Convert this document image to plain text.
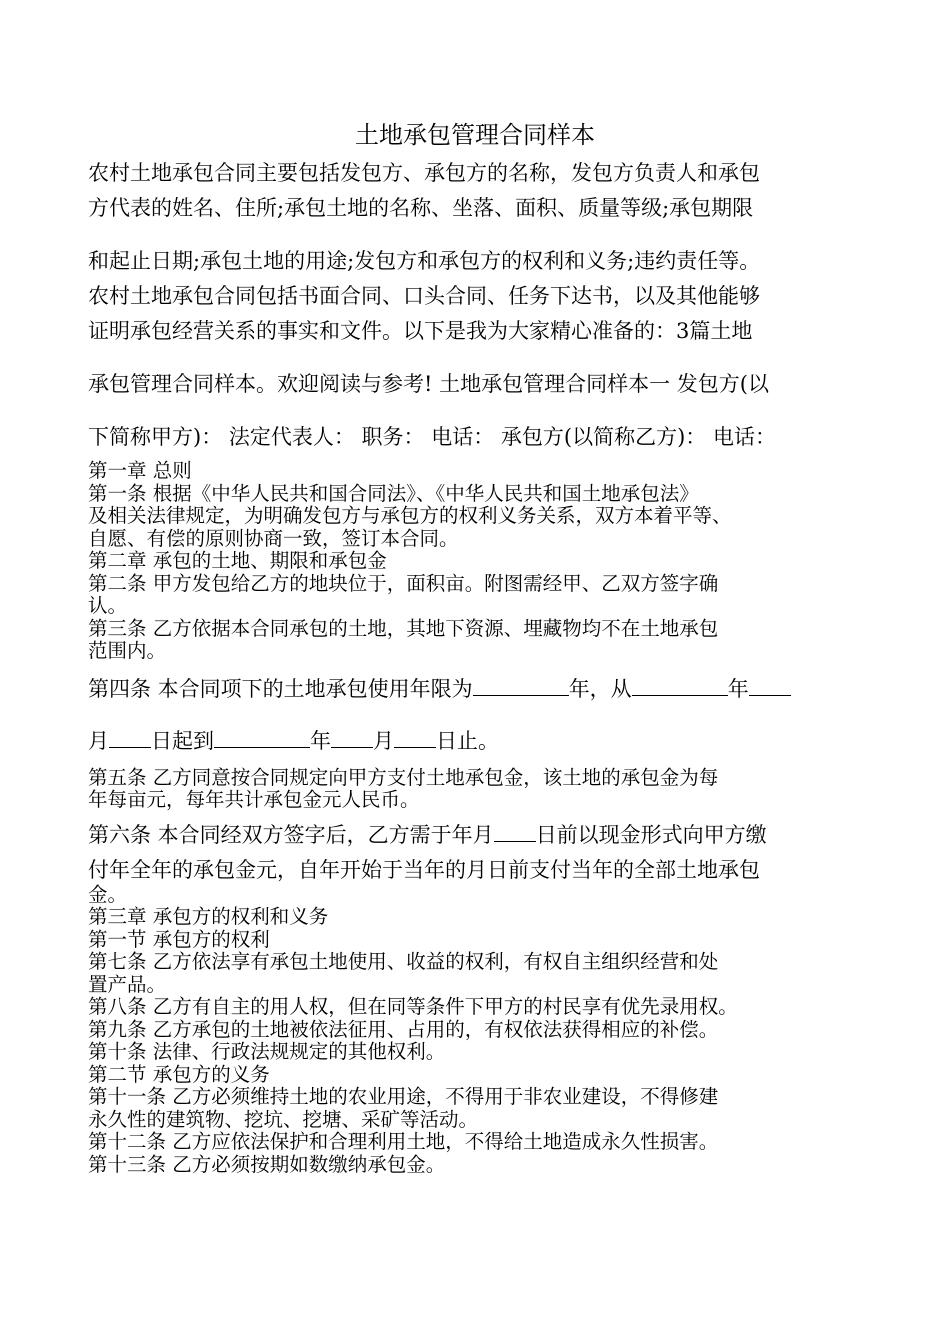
土地承包管理合同样本
农村土地承包合同主要包括发包方、承包方的名称，发包方负责人和承包
方代表的姓名、住所;承包土地的名称、坐落、面积、质量等级;承包期限
和起止日期;承包土地的用途;发包方和承包方的权利和义务;违约责任等。
农村土地承包合同包括书面合同、口头合同、任务下达书，以及其他能够
证明承包经营关系的事实和文件。以下是我为大家精心准备的：3篇土地
承包管理合同样本。欢迎阅读与参考! 土地承包管理合同样本一 发包方(以
下简称甲方)： 法定代表人： 职务： 电话： 承包方(以简称乙方)： 电话：
第一章 总则
第一条 根据《中华人民共和国合同法》、《中华人民共和国土地承包法》
及相关法律规定，为明确发包方与承包方的权利义务关系，双方本着平等、
自愿、有偿的原则协商一致，签订本合同。
第二章 承包的土地、期限和承包金
第二条 甲方发包给乙方的地块位于，面积亩。附图需经甲、乙双方签字确
认。
第三条 乙方依据本合同承包的土地，其地下资源、埋藏物均不在土地承包
范围内。
第四条 本合同项下的土地承包使用年限为	年，从	年
月 日起到	年 月 日止。
第五条 乙方同意按合同规定向甲方支付土地承包金，该土地的承包金为每
年每亩元，每年共计承包金元人民币。
第六条 本合同经双方签字后，乙方需于年月 日前以现金形式向甲方缴
付年全年的承包金元，自年开始于当年的月日前支付当年的全部土地承包
金。
第三章 承包方的权利和义务
第一节 承包方的权利
第七条 乙方依法享有承包土地使用、收益的权利，有权自主组织经营和处
置产品。
第八条 乙方有自主的用人权，但在同等条件下甲方的村民享有优先录用权。
第九条 乙方承包的土地被依法征用、占用的，有权依法获得相应的补偿。
第十条 法律、行政法规规定的其他权利。
第二节 承包方的义务
第十一条 乙方必须维持土地的农业用途，不得用于非农业建设，不得修建
永久性的建筑物、挖坑、挖塘、采矿等活动。
第十二条 乙方应依法保护和合理利用土地，不得给土地造成永久性损害。
第十三条 乙方必须按期如数缴纳承包金。
